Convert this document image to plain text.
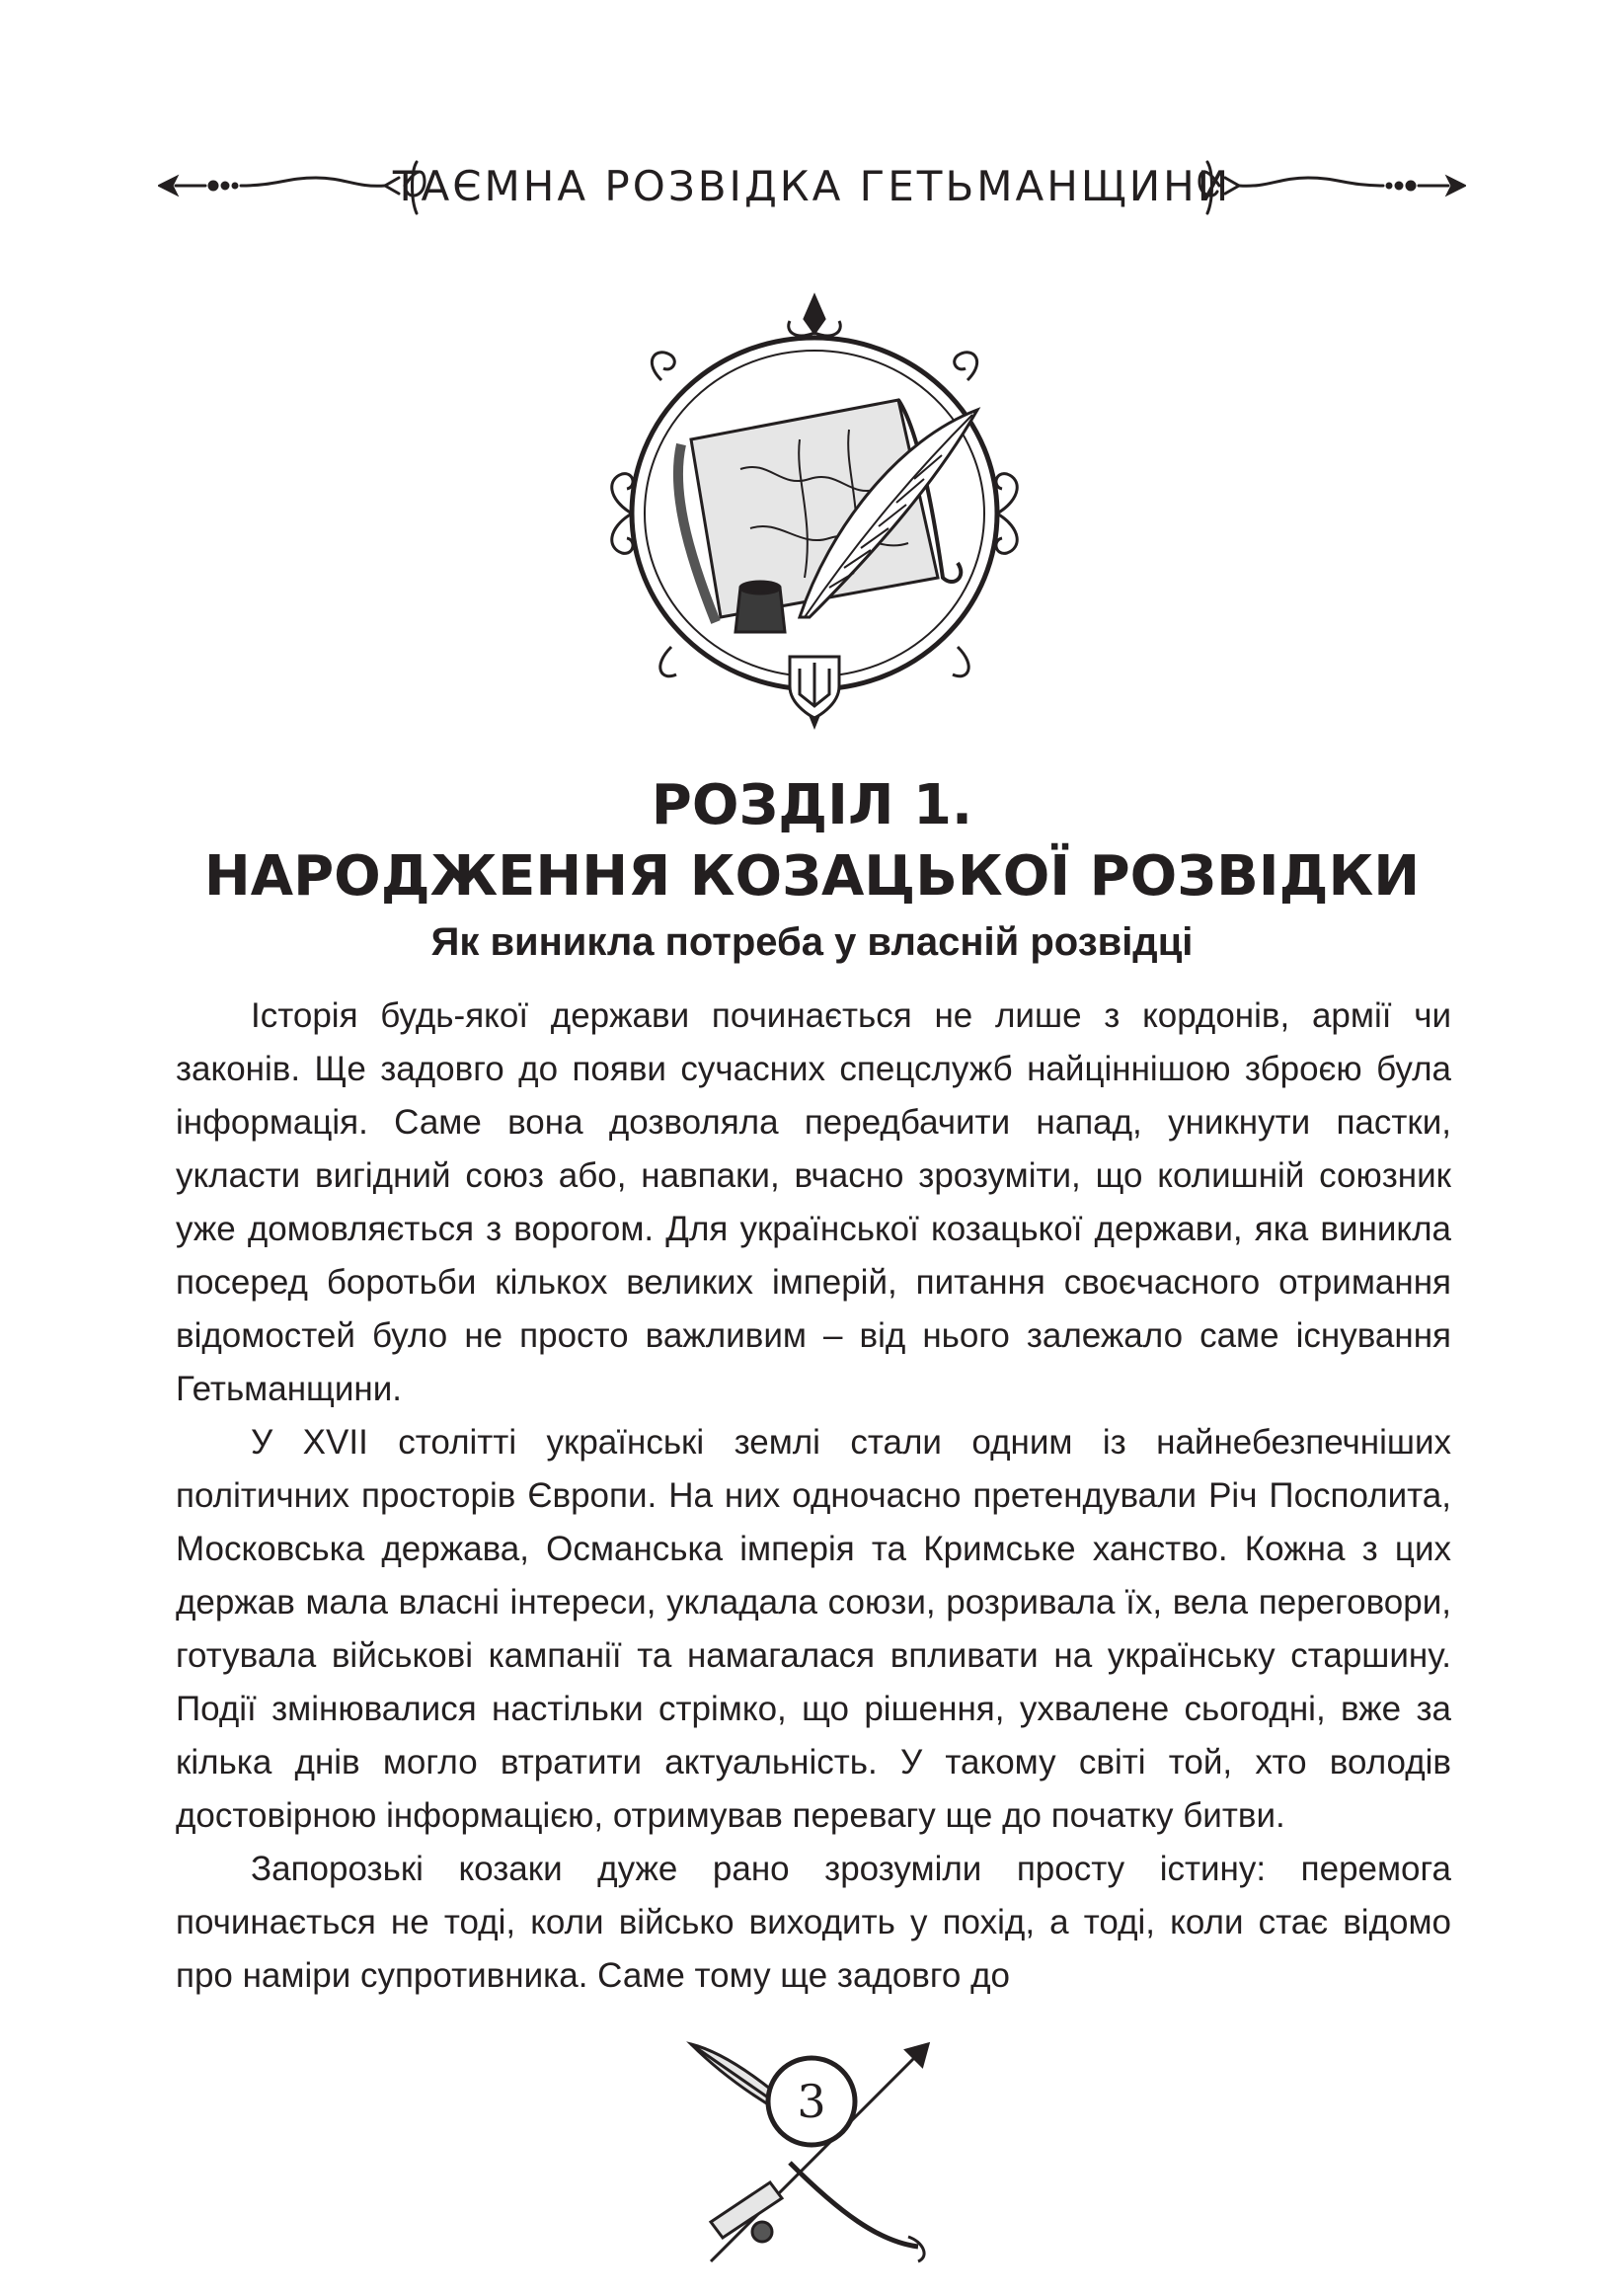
ТАЄМНА РОЗВІДКА ГЕТЬМАНЩИНИ
РОЗДІЛ 1.
НАРОДЖЕННЯ КОЗАЦЬКОЇ РОЗВІДКИ
Як виникла потреба у власній розвідці

Історія будь-якої держави починається не лише з кордонів, армії чи законів. Ще задовго до появи сучасних спецслужб найціннішою зброєю була інформація. Саме вона дозволяла передбачити напад, уникнути пастки, укласти вигідний союз або, навпаки, вчасно зрозуміти, що колишній союзник уже домовляється з ворогом. Для української козацької держави, яка виникла посеред боротьби кількох великих імперій, питання своєчасного отримання відомостей було не просто важливим – від нього залежало саме існування Гетьманщини.

У XVII столітті українські землі стали одним із найнебезпечніших політичних просторів Європи. На них одночасно претендували Річ Посполита, Московська держава, Османська імперія та Кримське ханство. Кожна з цих держав мала власні інтереси, укладала союзи, розривала їх, вела переговори, готувала військові кампанії та намагалася впливати на українську старшину. Події змінювалися настільки стрімко, що рішення, ухвалене сьогодні, вже за кілька днів могло втратити актуальність. У такому світі той, хто володів достовірною інформацією, отримував перевагу ще до початку битви.

Запорозькі козаки дуже рано зрозуміли просту істину: перемога починається не тоді, коли військо виходить у похід, а тоді, коли стає відомо про наміри супротивника. Саме тому ще задовго до

3
